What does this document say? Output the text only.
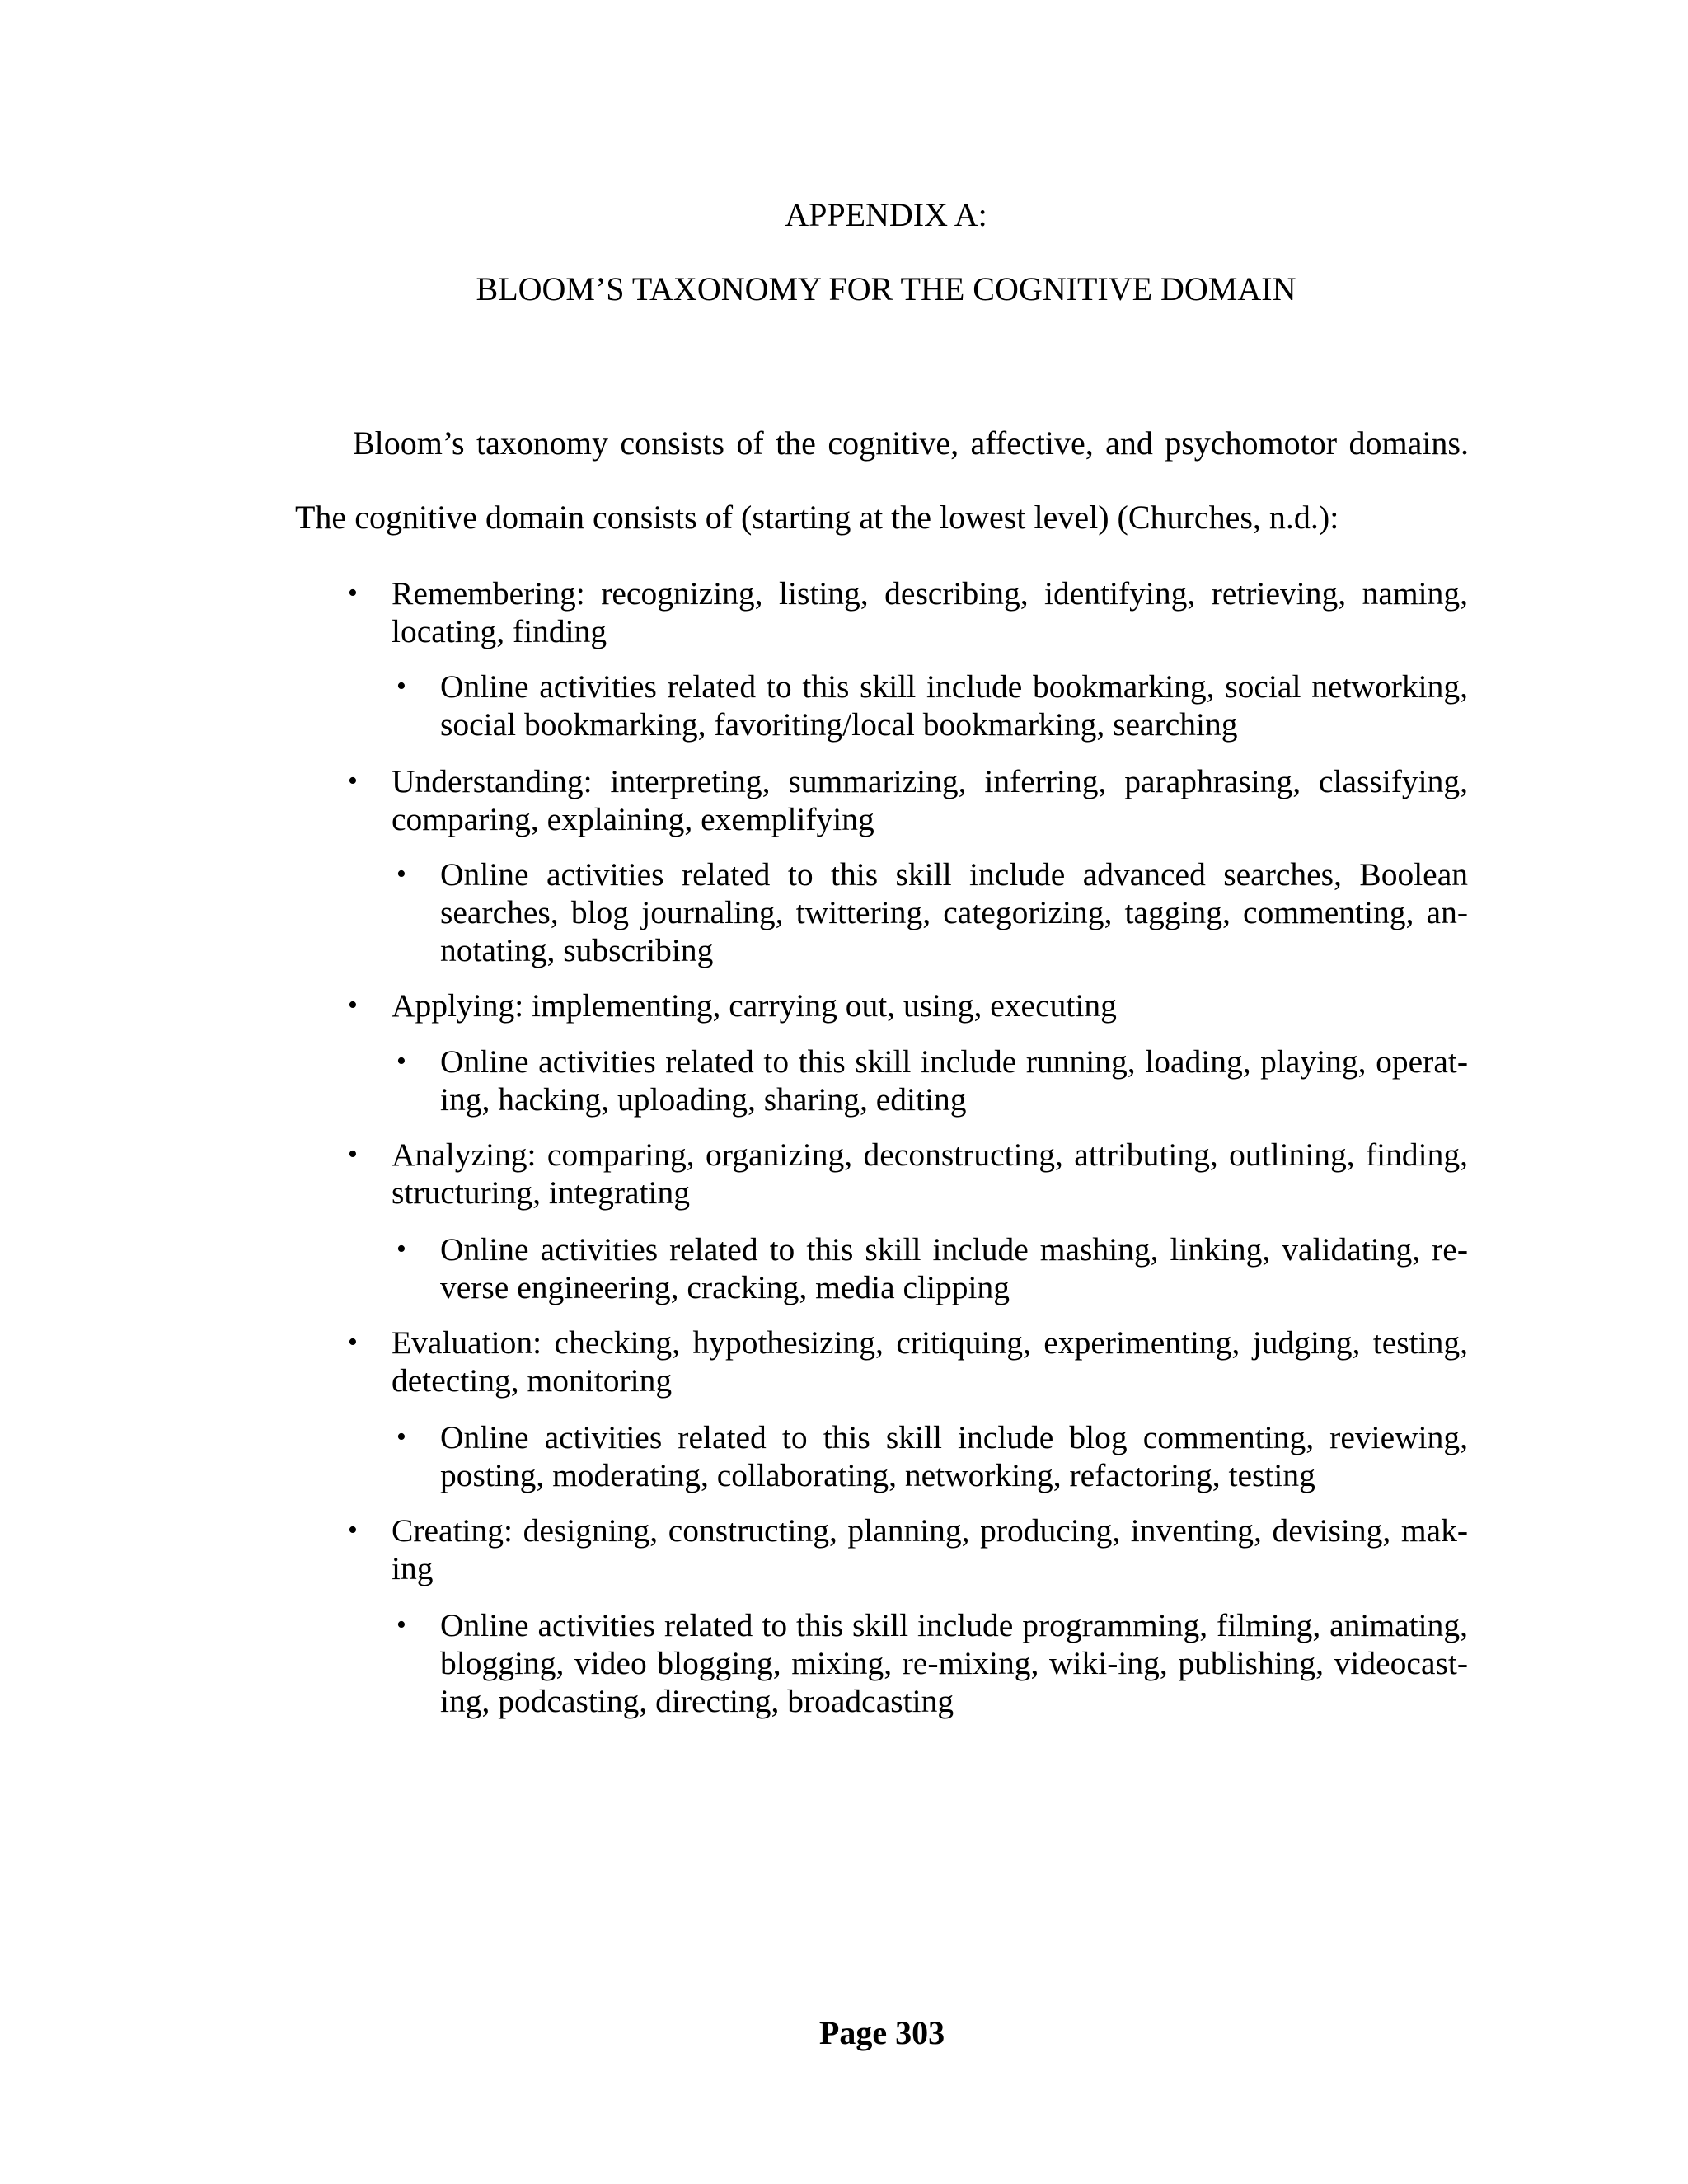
APPENDIX A:
BLOOM’S TAXONOMY FOR THE COGNITIVE DOMAIN

Bloom’s taxonomy consists of the cognitive, affective, and psychomotor domains. The cognitive domain consists of (starting at the lowest level) (Churches, n.d.):

• Remembering: recognizing, listing, describing, identifying, retrieving, naming, locating, finding

• Online activities related to this skill include bookmarking, social networking, social bookmarking, favoriting/local bookmarking, searching

• Understanding: interpreting, summarizing, inferring, paraphrasing, classifying, comparing, explaining, exemplifying

• Online activities related to this skill include advanced searches, Boolean searches, blog journaling, twittering, categorizing, tagging, commenting, an-notating, subscribing

• Applying: implementing, carrying out, using, executing

• Online activities related to this skill include running, loading, playing, operat-ing, hacking, uploading, sharing, editing

• Analyzing: comparing, organizing, deconstructing, attributing, outlining, finding, structuring, integrating

• Online activities related to this skill include mashing, linking, validating, re-verse engineering, cracking, media clipping

• Evaluation: checking, hypothesizing, critiquing, experimenting, judging, testing, detecting, monitoring

• Online activities related to this skill include blog commenting, reviewing, posting, moderating, collaborating, networking, refactoring, testing

• Creating: designing, constructing, planning, producing, inventing, devising, mak-ing

• Online activities related to this skill include programming, filming, animating, blogging, video blogging, mixing, re-mixing, wiki-ing, publishing, videocast-ing, podcasting, directing, broadcasting

Page 303
